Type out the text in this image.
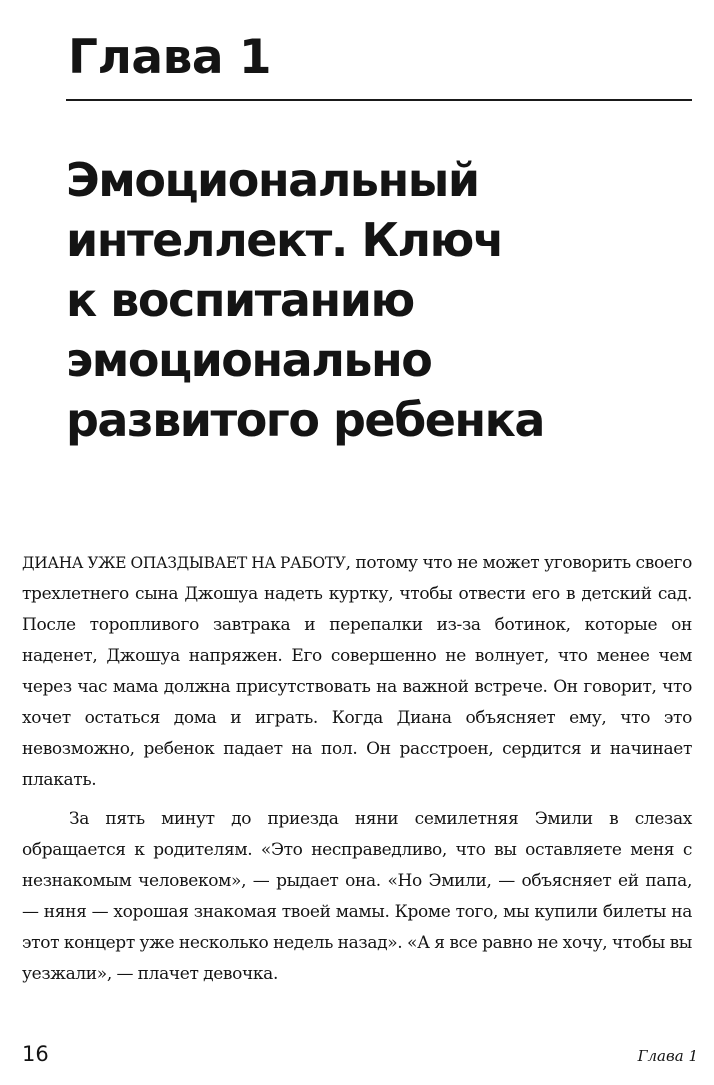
Глава 1
Эмоциональный
интеллект. Ключ
к воспитанию
эмоционально
развитого ребенка

ДИАНА УЖЕ ОПАЗДЫВАЕТ НА РАБОТУ, потому что не может уговорить своего трехлетнего сына Джошуа надеть куртку, чтобы отвести его в детский сад. После торопливого завтрака и перепалки из-за ботинок, которые он наденет, Джошуа напряжен. Его совершенно не волнует, что менее чем через час мама должна присутствовать на важной встрече. Он говорит, что хочет остаться дома и играть. Когда Диана объясняет ему, что это невозможно, ребенок падает на пол. Он расстроен, сердится и начинает плакать.

За пять минут до приезда няни семилетняя Эмили в слезах обращается к родителям. «Это несправедливо, что вы оставляете меня с незнакомым человеком», — рыдает она. «Но Эмили, — объясняет ей папа, — няня — хорошая знакомая твоей мамы. Кроме того, мы купили билеты на этот концерт уже несколько недель назад». «А я все равно не хочу, чтобы вы уезжали», — плачет девочка.

16	Глава 1
